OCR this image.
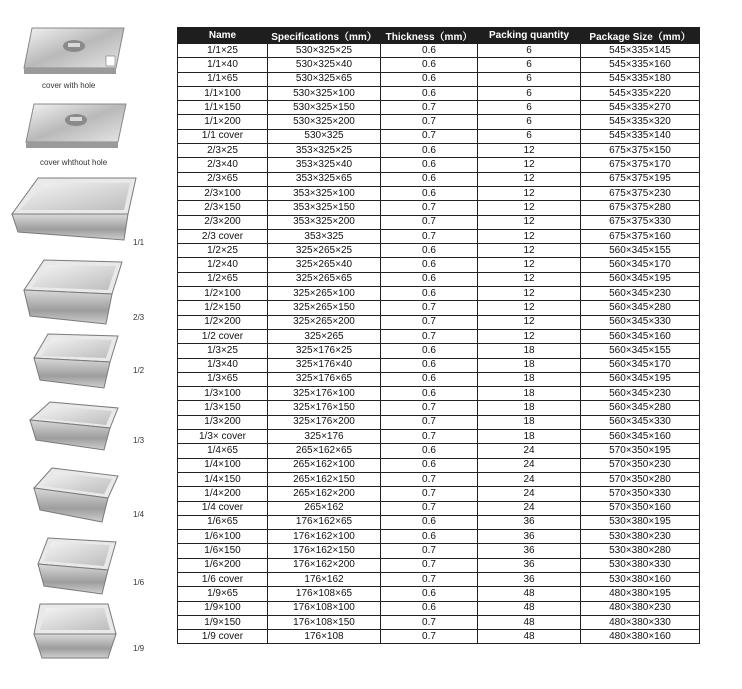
cover with hole
cover whthout hole
1/1
2/3
1/2
1/3
1/4
1/6
1/9
Name	Specifications（mm）	Thickness（mm）	Packing quantity	Package Size（mm）
1/1×25	530×325×25	0.6	6	545×335×145
1/1×40	530×325×40	0.6	6	545×335×160
1/1×65	530×325×65	0.6	6	545×335×180
1/1×100	530×325×100	0.6	6	545×335×220
1/1×150	530×325×150	0.7	6	545×335×270
1/1×200	530×325×200	0.7	6	545×335×320
1/1 cover	530×325	0.7	6	545×335×140
2/3×25	353×325×25	0.6	12	675×375×150
2/3×40	353×325×40	0.6	12	675×375×170
2/3×65	353×325×65	0.6	12	675×375×195
2/3×100	353×325×100	0.6	12	675×375×230
2/3×150	353×325×150	0.7	12	675×375×280
2/3×200	353×325×200	0.7	12	675×375×330
2/3 cover	353×325	0.7	12	675×375×160
1/2×25	325×265×25	0.6	12	560×345×155
1/2×40	325×265×40	0.6	12	560×345×170
1/2×65	325×265×65	0.6	12	560×345×195
1/2×100	325×265×100	0.6	12	560×345×230
1/2×150	325×265×150	0.7	12	560×345×280
1/2×200	325×265×200	0.7	12	560×345×330
1/2 cover	325×265	0.7	12	560×345×160
1/3×25	325×176×25	0.6	18	560×345×155
1/3×40	325×176×40	0.6	18	560×345×170
1/3×65	325×176×65	0.6	18	560×345×195
1/3×100	325×176×100	0.6	18	560×345×230
1/3×150	325×176×150	0.7	18	560×345×280
1/3×200	325×176×200	0.7	18	560×345×330
1/3× cover	325×176	0.7	18	560×345×160
1/4×65	265×162×65	0.6	24	570×350×195
1/4×100	265×162×100	0.6	24	570×350×230
1/4×150	265×162×150	0.7	24	570×350×280
1/4×200	265×162×200	0.7	24	570×350×330
1/4 cover	265×162	0.7	24	570×350×160
1/6×65	176×162×65	0.6	36	530×380×195
1/6×100	176×162×100	0.6	36	530×380×230
1/6×150	176×162×150	0.7	36	530×380×280
1/6×200	176×162×200	0.7	36	530×380×330
1/6 cover	176×162	0.7	36	530×380×160
1/9×65	176×108×65	0.6	48	480×380×195
1/9×100	176×108×100	0.6	48	480×380×230
1/9×150	176×108×150	0.7	48	480×380×330
1/9 cover	176×108	0.7	48	480×380×160
